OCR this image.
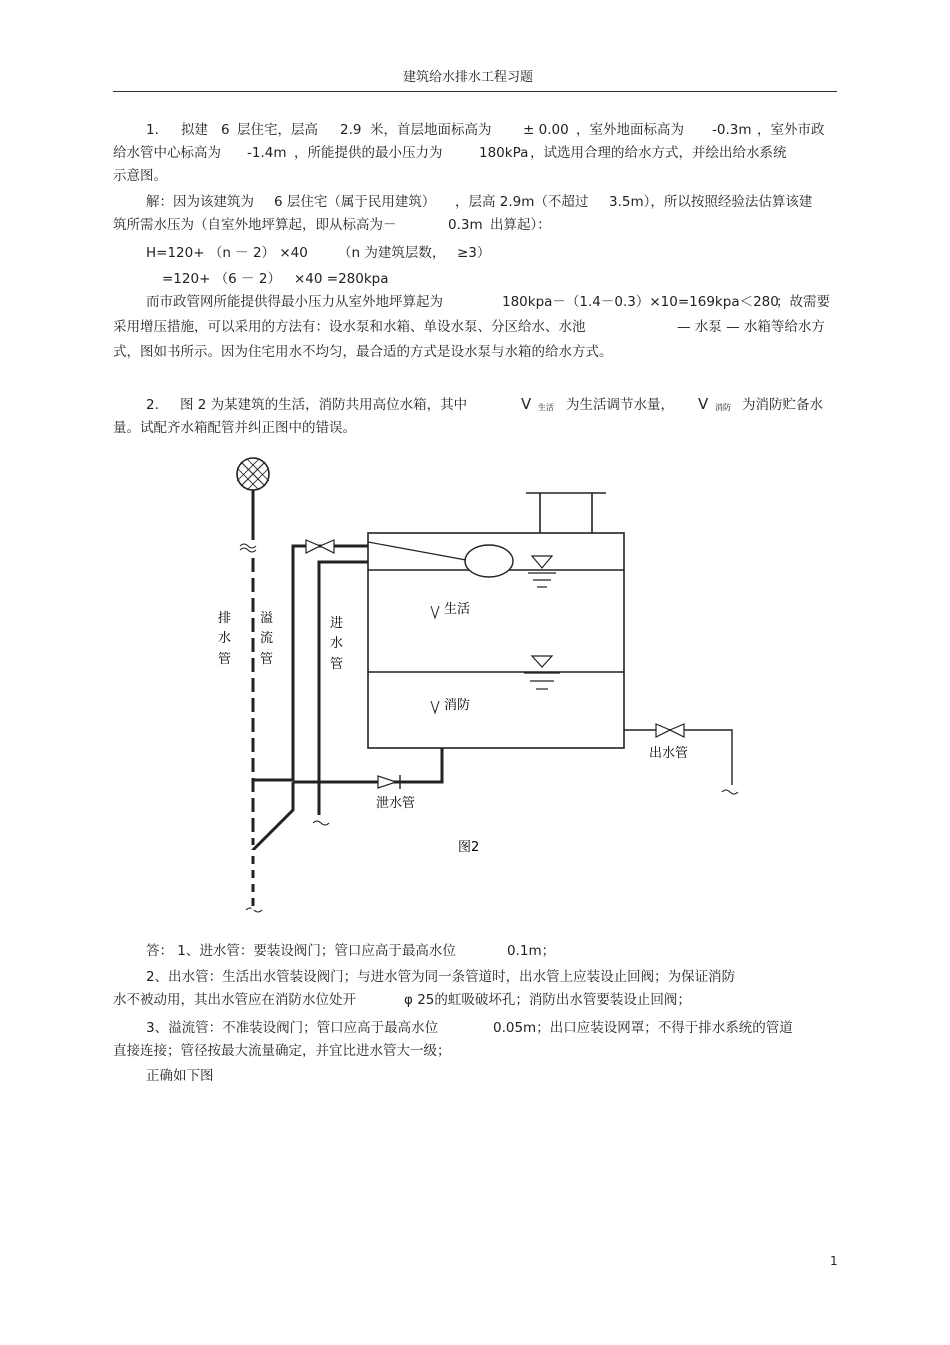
建筑给水排水工程习题
1. 拟建 6 层住宅，层高 2.9 米，首层地面标高为 ± 0.00 ，室外地面标高为 -0.3m ，室外市政
给水管中心标高为 -1.4m ，所能提供的最小压力为	180kPa ，试选用合理的给水方式，并绘出给水系统
示意图。
解：因为该建筑为 6 层住宅（属于民用建筑） ，层高 2.9m（不超过 3.5m），所以按照经验法估算该建
筑所需水压为（自室外地坪算起，即从标高为－	0.3m 出算起）：
H=120+ （n － 2） ×40 （n 为建筑层数， ≥3）
=120+ （6 － 2） ×40 =280kpa
而市政管网所能提供得最小压力从室外地坪算起为	180kpa－（1.4－0.3）×10=169kpa＜280
；故需要
采用增压措施，可以采用的方法有：设水泵和水箱、单设水泵、分区给水、水池	— 水泵 — 水箱等给水方
式，图如书所示。因为住宅用水不均匀，最合适的方式是设水泵与水箱的给水方式。
2. 图 2 为某建筑的生活，消防共用高位水箱，其中	V 生活 为生活调节水量， V 消防 为消防贮备水
量。试配齐水箱配管并纠正图中的错误。
排
水
管
溢
流
管
进
水
管
生活
消防
出水管
泄水管
图2
答： 1、进水管：要装设阀门；管口应高于最高水位	0.1m；
2、出水管：生活出水管装设阀门；与进水管为同一条管道时，出水管上应装设止回阀；为保证消防
水不被动用，其出水管应在消防水位处开	φ 25的虹吸破坏孔；消防出水管要装设止回阀；
3、溢流管：不准装设阀门；管口应高于最高水位	0.05m；出口应装设网罩；不得于排水系统的管道
直接连接；管径按最大流量确定，并宜比进水管大一级；
正确如下图
1
